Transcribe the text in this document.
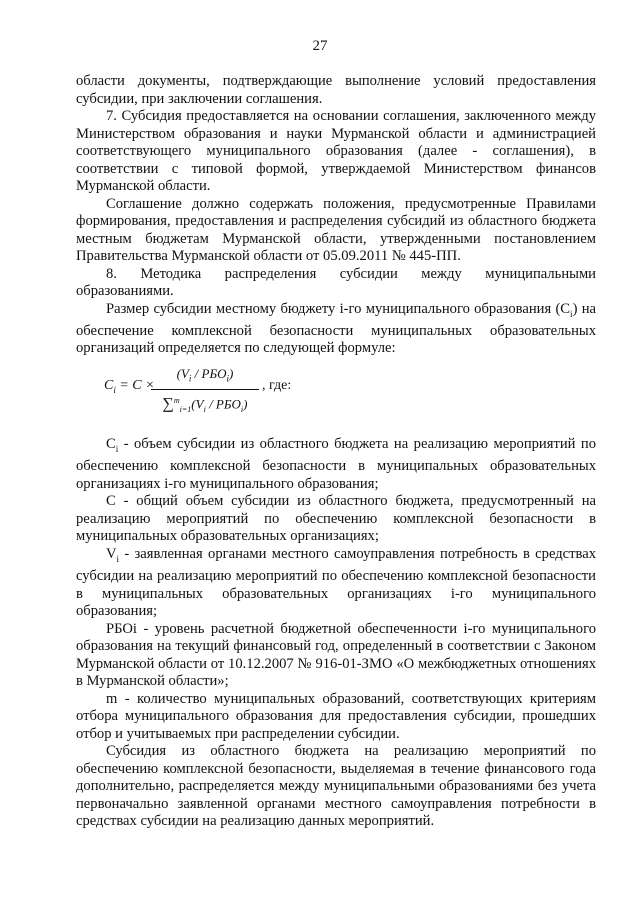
27

области документы, подтверждающие выполнение условий предоставления субсидии, при заключении соглашения.

7. Субсидия предоставляется на основании соглашения, заключенного между Министерством образования и науки Мурманской области и администрацией соответствующего муниципального образования (далее - соглашения), в соответствии с типовой формой, утверждаемой Министерством финансов Мурманской области.

Соглашение должно содержать положения, предусмотренные Правилами формирования, предоставления и распределения субсидий из областного бюджета местным бюджетам Мурманской области, утвержденными постановлением Правительства Мурманской области от 05.09.2011 № 445-ПП.

8. Методика распределения субсидии между муниципальными образованиями.

Размер субсидии местному бюджету i-го муниципального образования $(C_i)$ на обеспечение комплексной безопасности муниципальных образовательных организаций определяется по следующей формуле:

$C_i = C$ ×
$(V_i / РБО_i)$
$\sum^m_{i=1}(V_i / РБО_i)$
, где:

$C_i$ - объем субсидии из областного бюджета на реализацию мероприятий по обеспечению комплексной безопасности в муниципальных образовательных организациях i-го муниципального образования;

С - общий объем субсидии из областного бюджета, предусмотренный на реализацию мероприятий по обеспечению комплексной безопасности в муниципальных образовательных организациях;

$V_i$ - заявленная органами местного самоуправления потребность в средствах субсидии на реализацию мероприятий по обеспечению комплексной безопасности в муниципальных образовательных организациях i-го муниципального образования;

РБОi - уровень расчетной бюджетной обеспеченности i-го муниципального образования на текущий финансовый год, определенный в соответствии с Законом Мурманской области от 10.12.2007 № 916-01-ЗМО «О межбюджетных отношениях в Мурманской области»;

m - количество муниципальных образований, соответствующих критериям отбора муниципального образования для предоставления субсидии, прошедших отбор и учитываемых при распределении субсидии.

Субсидия из областного бюджета на реализацию мероприятий по обеспечению комплексной безопасности, выделяемая в течение финансового года дополнительно, распределяется между муниципальными образованиями без учета первоначально заявленной органами местного самоуправления потребности в средствах субсидии на реализацию данных мероприятий.
